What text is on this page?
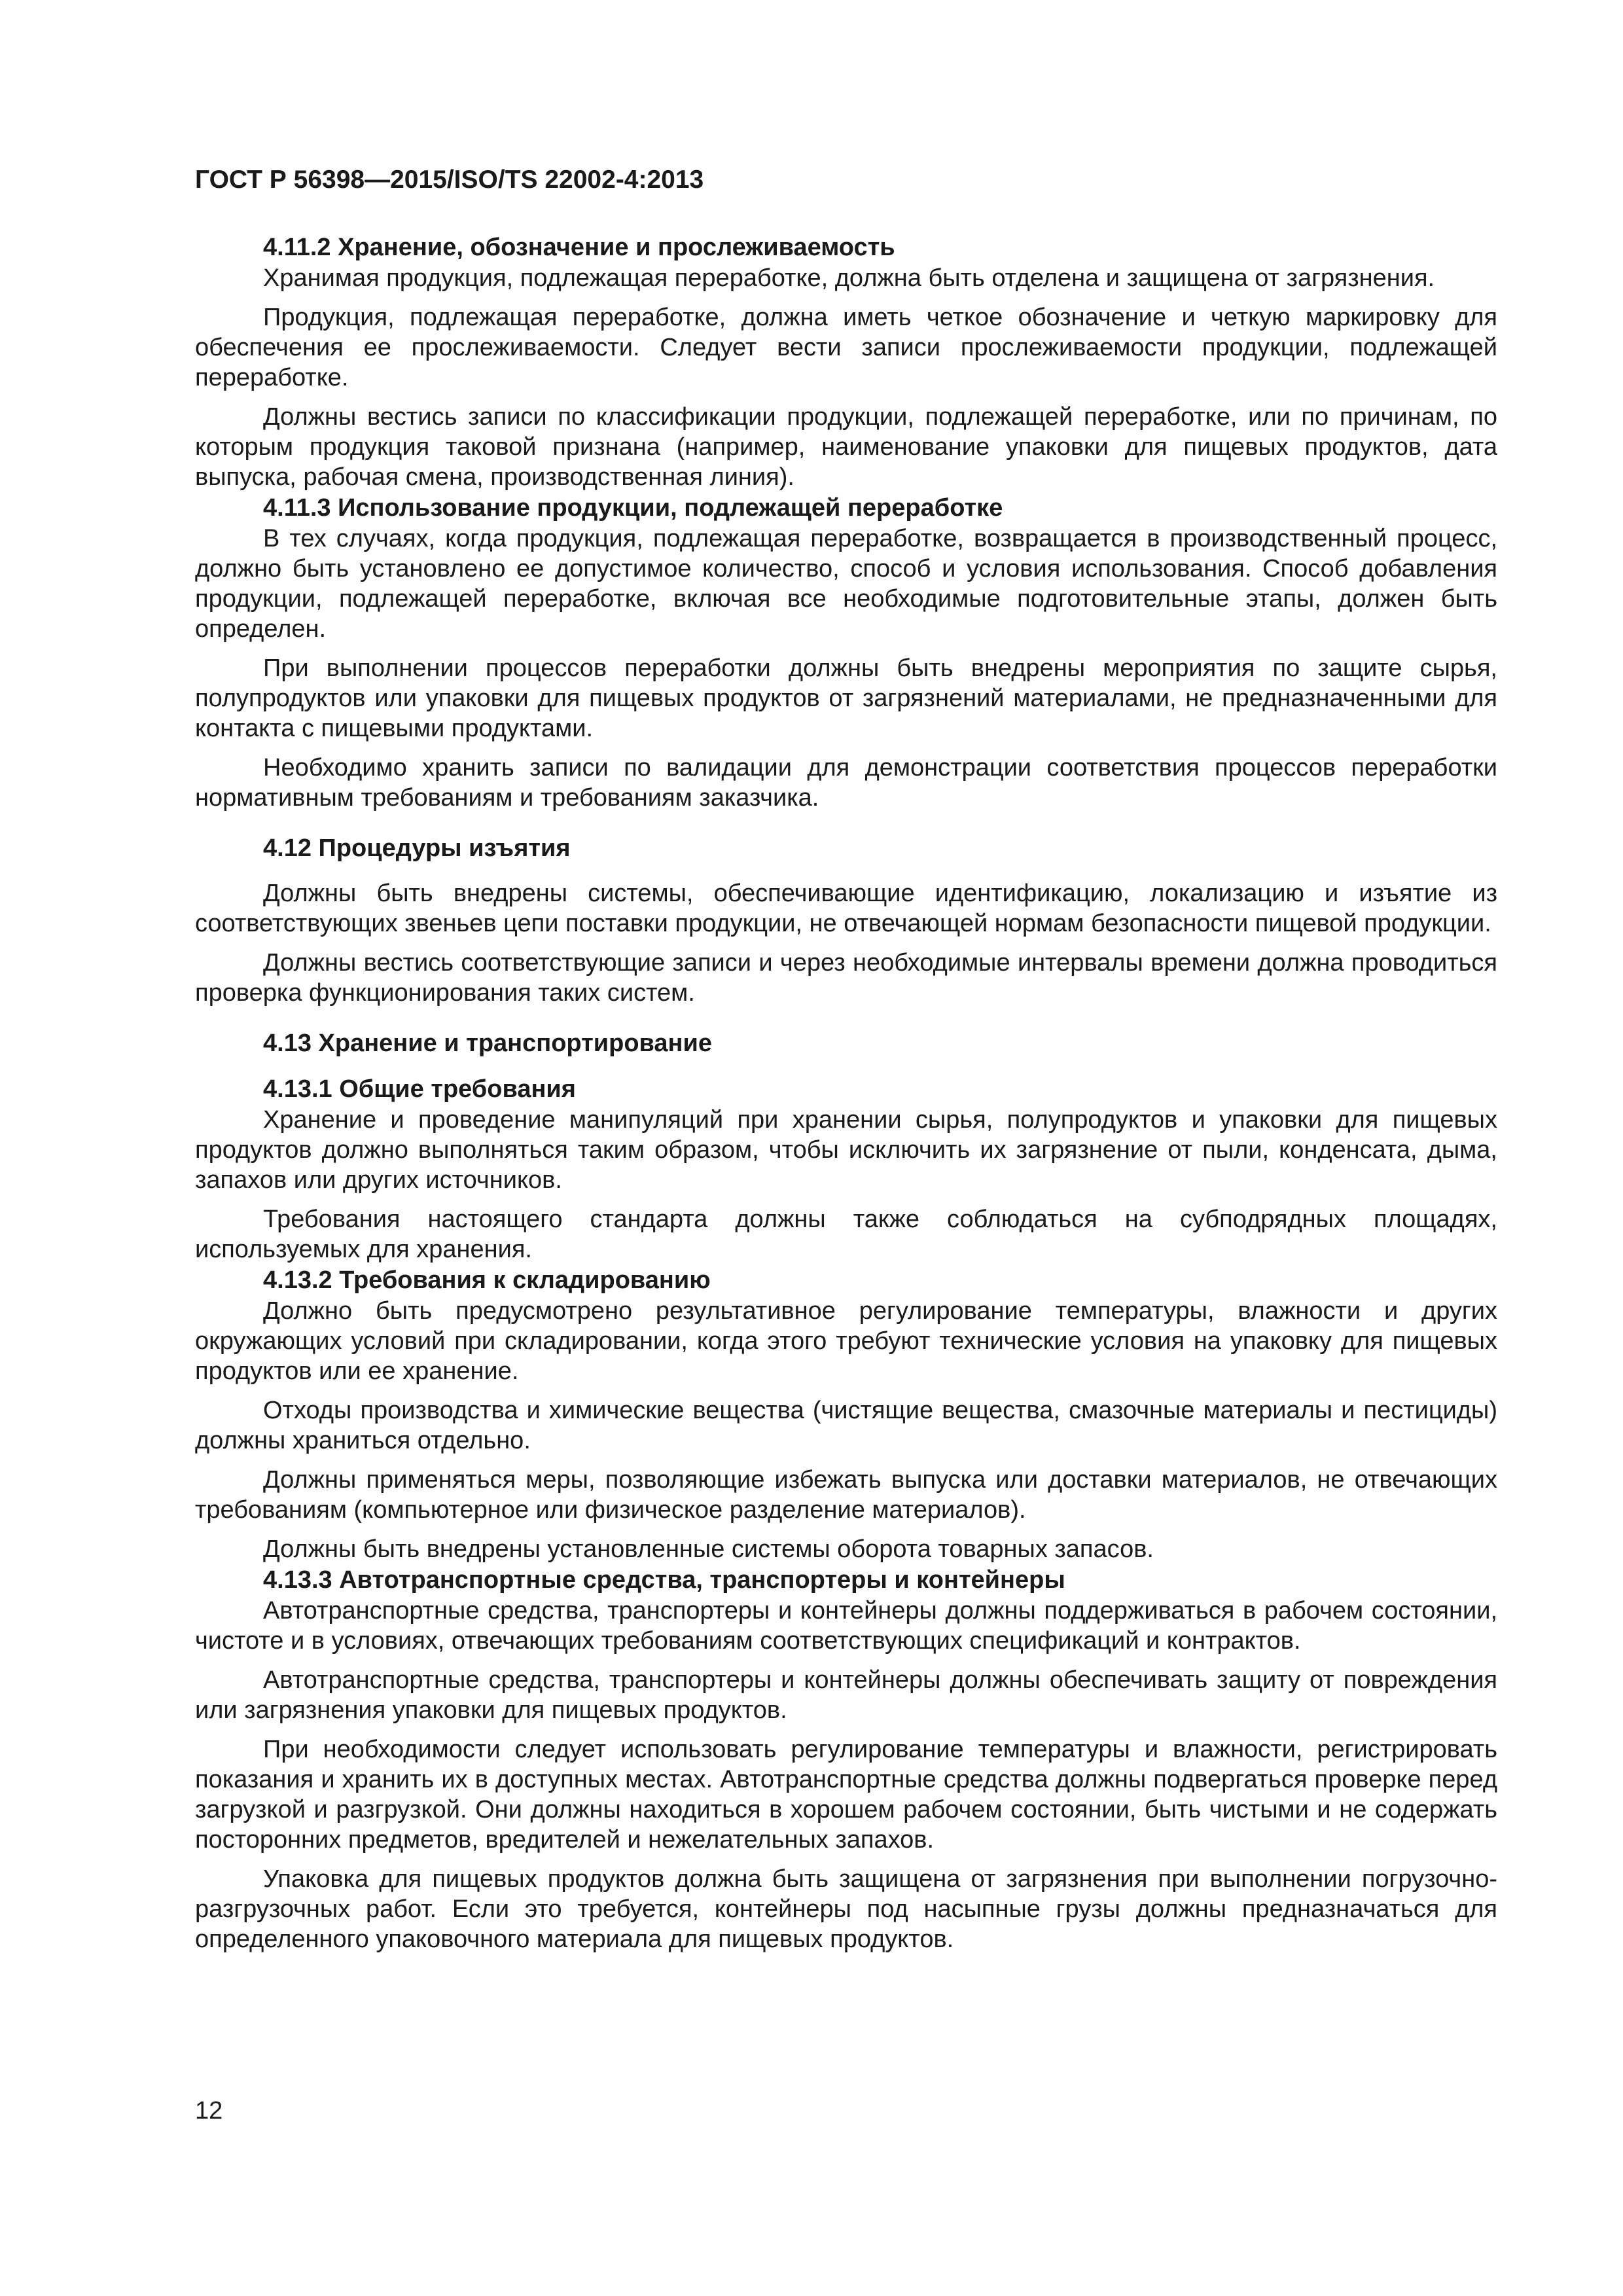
ГОСТ Р 56398—2015/ISO/TS 22002-4:2013

4.11.2 Хранение, обозначение и прослеживаемость

Хранимая продукция, подлежащая переработке, должна быть отделена и защищена от загрязнения.

Продукция, подлежащая переработке, должна иметь четкое обозначение и четкую маркировку для обеспечения ее прослеживаемости. Следует вести записи прослеживаемости продукции, подлежащей переработке.

Должны вестись записи по классификации продукции, подлежащей переработке, или по причинам, по которым продукция таковой признана (например, наименование упаковки для пищевых продуктов, дата выпуска, рабочая смена, производственная линия).

4.11.3 Использование продукции, подлежащей переработке

В тех случаях, когда продукция, подлежащая переработке, возвращается в производственный процесс, должно быть установлено ее допустимое количество, способ и условия использования. Способ добавления продукции, подлежащей переработке, включая все необходимые подготовительные этапы, должен быть определен.

При выполнении процессов переработки должны быть внедрены мероприятия по защите сырья, полупродуктов или упаковки для пищевых продуктов от загрязнений материалами, не предназначенными для контакта с пищевыми продуктами.

Необходимо хранить записи по валидации для демонстрации соответствия процессов переработки нормативным требованиям и требованиям заказчика.

4.12 Процедуры изъятия

Должны быть внедрены системы, обеспечивающие идентификацию, локализацию и изъятие из соответствующих звеньев цепи поставки продукции, не отвечающей нормам безопасности пищевой продукции.

Должны вестись соответствующие записи и через необходимые интервалы времени должна проводиться проверка функционирования таких систем.

4.13 Хранение и транспортирование

4.13.1 Общие требования

Хранение и проведение манипуляций при хранении сырья, полупродуктов и упаковки для пищевых продуктов должно выполняться таким образом, чтобы исключить их загрязнение от пыли, конденсата, дыма, запахов или других источников.

Требования настоящего стандарта должны также соблюдаться на субподрядных площадях, используемых для хранения.

4.13.2 Требования к складированию

Должно быть предусмотрено результативное регулирование температуры, влажности и других окружающих условий при складировании, когда этого требуют технические условия на упаковку для пищевых продуктов или ее хранение.

Отходы производства и химические вещества (чистящие вещества, смазочные материалы и пестициды) должны храниться отдельно.

Должны применяться меры, позволяющие избежать выпуска или доставки материалов, не отвечающих требованиям (компьютерное или физическое разделение материалов).

Должны быть внедрены установленные системы оборота товарных запасов.

4.13.3 Автотранспортные средства, транспортеры и контейнеры

Автотранспортные средства, транспортеры и контейнеры должны поддерживаться в рабочем состоянии, чистоте и в условиях, отвечающих требованиям соответствующих спецификаций и контрактов.

Автотранспортные средства, транспортеры и контейнеры должны обеспечивать защиту от повреждения или загрязнения упаковки для пищевых продуктов.

При необходимости следует использовать регулирование температуры и влажности, регистрировать показания и хранить их в доступных местах. Автотранспортные средства должны подвергаться проверке перед загрузкой и разгрузкой. Они должны находиться в хорошем рабочем состоянии, быть чистыми и не содержать посторонних предметов, вредителей и нежелательных запахов.

Упаковка для пищевых продуктов должна быть защищена от загрязнения при выполнении погрузочно-разгрузочных работ. Если это требуется, контейнеры под насыпные грузы должны предназначаться для определенного упаковочного материала для пищевых продуктов.

12
